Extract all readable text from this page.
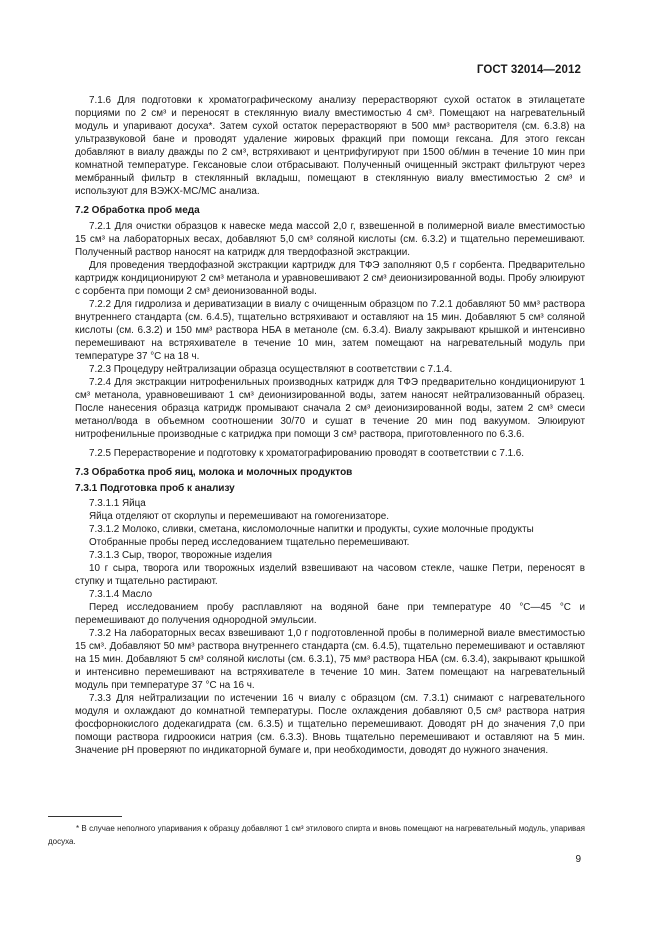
ГОСТ 32014—2012

7.1.6 Для подготовки к хроматографическому анализу перерастворяют сухой остаток в этилацетате порциями по 2 см³ и переносят в стеклянную виалу вместимостью 4 см³. Помещают на нагревательный модуль и упаривают досуха*. Затем сухой остаток перерастворяют в 500 мм³ растворителя (см. 6.3.8) на ультразвуковой бане и проводят удаление жировых фракций при помощи гексана. Для этого гексан добавляют в виалу дважды по 2 см³, встряхивают и центрифугируют при 1500 об/мин в течение 10 мин при комнатной температуре. Гексановые слои отбрасывают. Полученный очищенный экстракт фильтруют через мембранный фильтр в стеклянный вкладыш, помещают в стеклянную виалу вместимостью 2 см³ и используют для ВЭЖХ-МС/МС анализа.

7.2 Обработка проб меда

7.2.1 Для очистки образцов к навеске меда массой 2,0 г, взвешенной в полимерной виале вместимостью 15 см³ на лабораторных весах, добавляют 5,0 см³ соляной кислоты (см. 6.3.2) и тщательно перемешивают. Полученный раствор наносят на катридж для твердофазной экстракции.

Для проведения твердофазной экстракции картридж для ТФЭ заполняют 0,5 г сорбента. Предварительно картридж кондиционируют 2 см³ метанола и уравновешивают 2 см³ деионизированной воды. Пробу элюируют с сорбента при помощи 2 см³ деионизованной воды.

7.2.2 Для гидролиза и дериватизации в виалу с очищенным образцом по 7.2.1 добавляют 50 мм³ раствора внутреннего стандарта (см. 6.4.5), тщательно встряхивают и оставляют на 15 мин. Добавляют 5 см³ соляной кислоты (см. 6.3.2) и 150 мм³ раствора НБА в метаноле (см. 6.3.4). Виалу закрывают крышкой и интенсивно перемешивают на встряхивателе в течение 10 мин, затем помещают на нагревательный модуль при температуре 37 °С на 18 ч.

7.2.3 Процедуру нейтрализации образца осуществляют в соответствии с 7.1.4.

7.2.4 Для экстракции нитрофенильных производных катридж для ТФЭ предварительно кондиционируют 1 см³ метанола, уравновешивают 1 см³ деионизированной воды, затем наносят нейтрализованный образец. После нанесения образца катридж промывают сначала 2 см³ деионизированной воды, затем 2 см³ смеси метанол/вода в объемном соотношении 30/70 и сушат в течение 20 мин под вакуумом. Элюируют нитрофенильные производные с катриджа при помощи 3 см³ раствора, приготовленного по 6.3.6.

7.2.5 Перерастворение и подготовку к хроматографированию проводят в соответствии с 7.1.6.

7.3 Обработка проб яиц, молока и молочных продуктов

7.3.1 Подготовка проб к анализу

7.3.1.1 Яйца

Яйца отделяют от скорлупы и перемешивают на гомогенизаторе.

7.3.1.2 Молоко, сливки, сметана, кисломолочные напитки и продукты, сухие молочные продукты

Отобранные пробы перед исследованием тщательно перемешивают.

7.3.1.3 Сыр, творог, творожные изделия

10 г сыра, творога или творожных изделий взвешивают на часовом стекле, чашке Петри, переносят в ступку и тщательно растирают.

7.3.1.4 Масло

Перед исследованием пробу расплавляют на водяной бане при температуре 40 °С—45 °С и перемешивают до получения однородной эмульсии.

7.3.2 На лабораторных весах взвешивают 1,0 г подготовленной пробы в полимерной виале вместимостью 15 см³. Добавляют 50 мм³ раствора внутреннего стандарта (см. 6.4.5), тщательно перемешивают и оставляют на 15 мин. Добавляют 5 см³ соляной кислоты (см. 6.3.1), 75 мм³ раствора НБА (см. 6.3.4), закрывают крышкой и интенсивно перемешивают на встряхивателе в течение 10 мин. Затем помещают на нагревательный модуль при температуре 37 °С на 16 ч.

7.3.3 Для нейтрализации по истечении 16 ч виалу с образцом (см. 7.3.1) снимают с нагревательного модуля и охлаждают до комнатной температуры. После охлаждения добавляют 0,5 см³ раствора натрия фосфорнокислого додекагидрата (см. 6.3.5) и тщательно перемешивают. Доводят рН до значения 7,0 при помощи раствора гидроокиси натрия (см. 6.3.3). Вновь тщательно перемешивают и оставляют на 5 мин. Значение рН проверяют по индикаторной бумаге и, при необходимости, доводят до нужного значения.

* В случае неполного упаривания к образцу добавляют 1 см³ этилового спирта и вновь помещают на нагревательный модуль, упаривая досуха.
9
